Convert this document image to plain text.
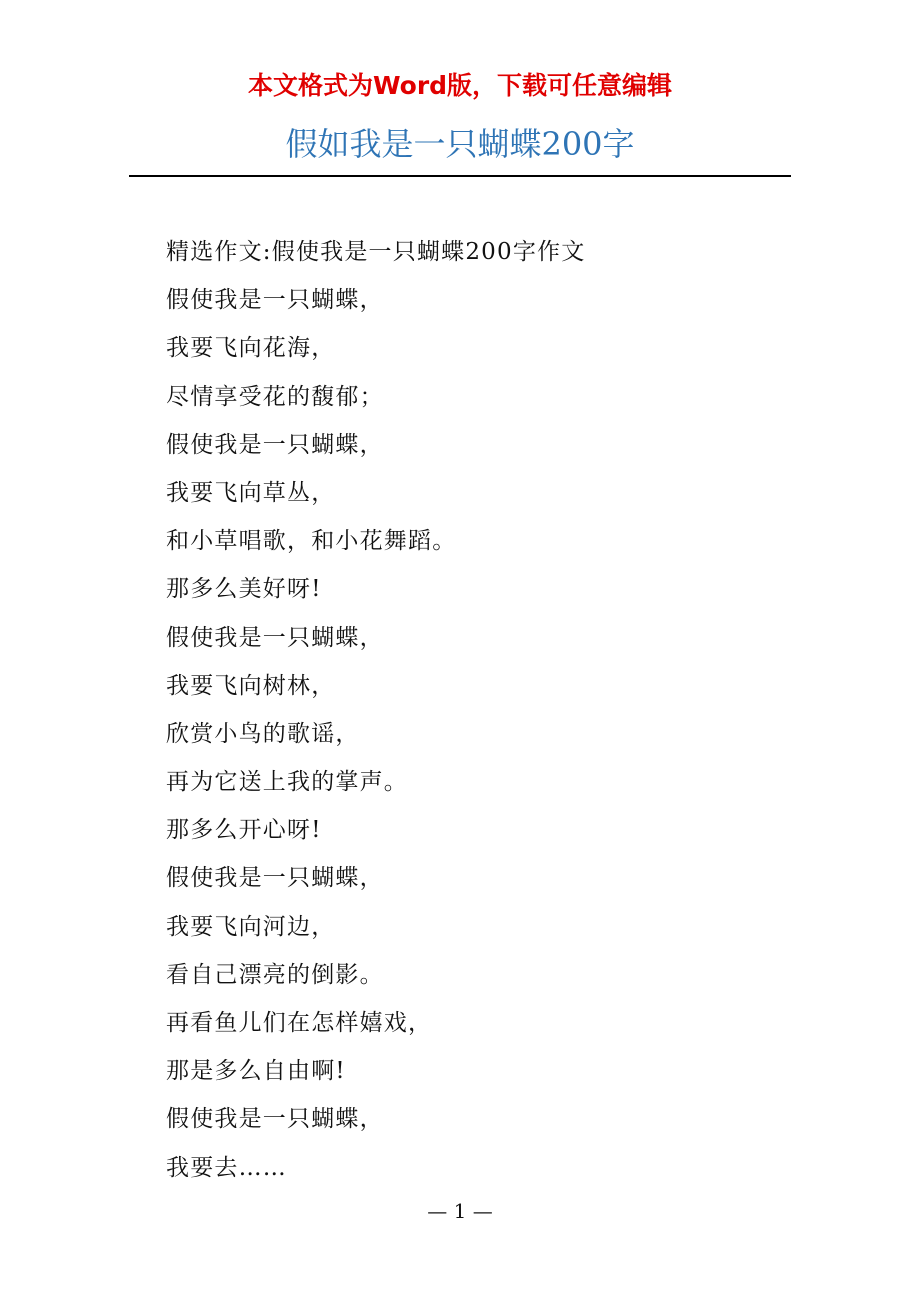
本文格式为Word版，下载可任意编辑
假如我是一只蝴蝶200字
精选作文:假使我是一只蝴蝶200字作文
假使我是一只蝴蝶，
我要飞向花海，
尽情享受花的馥郁；
假使我是一只蝴蝶，
我要飞向草丛，
和小草唱歌，和小花舞蹈。
那多么美好呀!
假使我是一只蝴蝶，
我要飞向树林，
欣赏小鸟的歌谣，
再为它送上我的掌声。
那多么开心呀!
假使我是一只蝴蝶，
我要飞向河边，
看自己漂亮的倒影。
再看鱼儿们在怎样嬉戏，
那是多么自由啊!
假使我是一只蝴蝶，
我要去……
— 1 —
